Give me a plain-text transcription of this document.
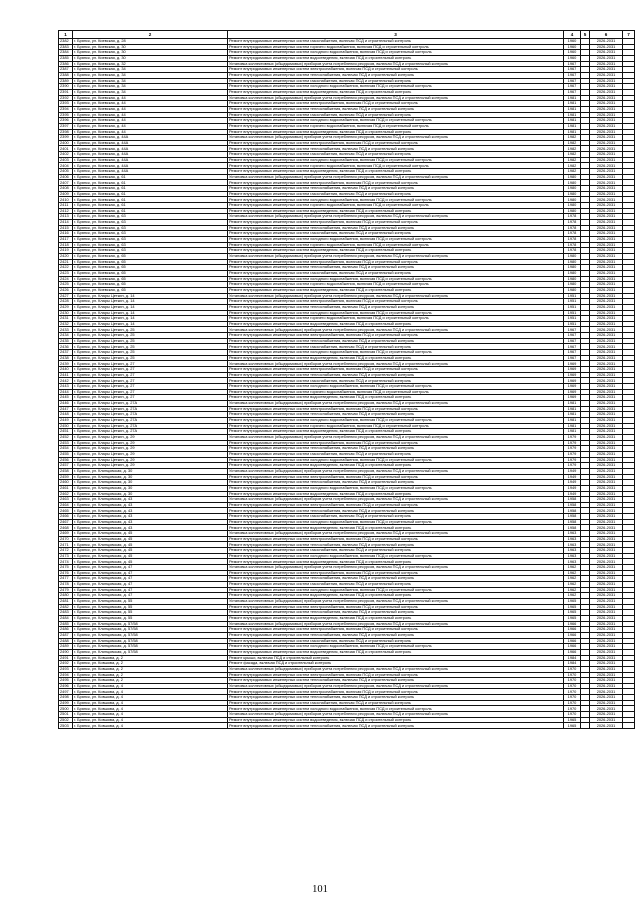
1	2	3	4	5	6	7
2382	г. Брянск, ул. Киевская, д. 28	Ремонт внутридомовых инженерных систем газоснабжения, включая ПСД и строительный контроль	1960		2026-2031	
2383	г. Брянск, ул. Киевская, д. 30	Ремонт внутридомовых инженерных систем горячего водоснабжения, включая ПСД и строительный контроль	1960		2026-2031	
2384	г. Брянск, ул. Киевская, д. 30	Ремонт внутридомовых инженерных систем холодного водоснабжения, включая ПСД и строительный контроль	1960		2026-2031	
2385	г. Брянск, ул. Киевская, д. 30	Ремонт внутридомовых инженерных систем водоотведения, включая ПСД и строительный контроль	1960		2026-2031	
2386	г. Брянск, ул. Киевская, д. 32	Установка коллективных (общедомовых) приборов учета потребления ресурсов, включая ПСД и строительный контроль	1967		2026-2031	
2387	г. Брянск, ул. Киевская, д. 34	Ремонт внутридомовых инженерных систем электроснабжения, включая ПСД и строительный контроль	1967		2026-2031	
2388	г. Брянск, ул. Киевская, д. 34	Ремонт внутридомовых инженерных систем теплоснабжения, включая ПСД и строительный контроль	1967		2026-2031	
2389	г. Брянск, ул. Киевская, д. 34	Ремонт внутридомовых инженерных систем газоснабжения, включая ПСД и строительный контроль	1967		2026-2031	
2390	г. Брянск, ул. Киевская, д. 34	Ремонт внутридомовых инженерных систем холодного водоснабжения, включая ПСД и строительный контроль	1967		2026-2031	
2391	г. Брянск, ул. Киевская, д. 34	Ремонт внутридомовых инженерных систем водоотведения, включая ПСД и строительный контроль	1967		2026-2031	
2392	г. Брянск, ул. Киевская, д. 44	Установка коллективных (общедомовых) приборов учета потребления ресурсов, включая ПСД и строительный контроль	1981		2026-2031	
2393	г. Брянск, ул. Киевская, д. 44	Ремонт внутридомовых инженерных систем электроснабжения, включая ПСД и строительный контроль	1981		2026-2031	
2394	г. Брянск, ул. Киевская, д. 44	Ремонт внутридомовых инженерных систем теплоснабжения, включая ПСД и строительный контроль	1981		2026-2031	
2395	г. Брянск, ул. Киевская, д. 44	Ремонт внутридомовых инженерных систем газоснабжения, включая ПСД и строительный контроль	1981		2026-2031	
2396	г. Брянск, ул. Киевская, д. 44	Ремонт внутридомовых инженерных систем холодного водоснабжения, включая ПСД и строительный контроль	1981		2026-2031	
2397	г. Брянск, ул. Киевская, д. 44	Ремонт внутридомовых инженерных систем горячего водоснабжения, включая ПСД и строительный контроль	1981		2026-2031	
2398	г. Брянск, ул. Киевская, д. 44	Ремонт внутридомовых инженерных систем водоотведения, включая ПСД и строительный контроль	1981		2026-2031	
2399	г. Брянск, ул. Киевская, д. 44А	Установка коллективных (общедомовых) приборов учета потребления ресурсов, включая ПСД и строительный контроль	1982		2026-2031	
2400	г. Брянск, ул. Киевская, д. 44А	Ремонт внутридомовых инженерных систем электроснабжения, включая ПСД и строительный контроль	1982		2026-2031	
2401	г. Брянск, ул. Киевская, д. 44А	Ремонт внутридомовых инженерных систем теплоснабжения, включая ПСД и строительный контроль	1982		2026-2031	
2402	г. Брянск, ул. Киевская, д. 44А	Ремонт внутридомовых инженерных систем газоснабжения, включая ПСД и строительный контроль	1982		2026-2031	
2403	г. Брянск, ул. Киевская, д. 44А	Ремонт внутридомовых инженерных систем холодного водоснабжения, включая ПСД и строительный контроль	1982		2026-2031	
2404	г. Брянск, ул. Киевская, д. 44А	Ремонт внутридомовых инженерных систем горячего водоснабжения, включая ПСД и строительный контроль	1982		2026-2031	
2405	г. Брянск, ул. Киевская, д. 44А	Ремонт внутридомовых инженерных систем водоотведения, включая ПСД и строительный контроль	1982		2026-2031	
2406	г. Брянск, ул. Киевская, д. 61	Установка коллективных (общедомовых) приборов учета потребления ресурсов, включая ПСД и строительный контроль	1980		2026-2031	
2407	г. Брянск, ул. Киевская, д. 61	Ремонт внутридомовых инженерных систем электроснабжения, включая ПСД и строительный контроль	1980		2026-2031	
2408	г. Брянск, ул. Киевская, д. 61	Ремонт внутридомовых инженерных систем теплоснабжения, включая ПСД и строительный контроль	1980		2026-2031	
2409	г. Брянск, ул. Киевская, д. 61	Ремонт внутридомовых инженерных систем газоснабжения, включая ПСД и строительный контроль	1980		2026-2031	
2410	г. Брянск, ул. Киевская, д. 61	Ремонт внутридомовых инженерных систем холодного водоснабжения, включая ПСД и строительный контроль	1980		2026-2031	
2411	г. Брянск, ул. Киевская, д. 61	Ремонт внутридомовых инженерных систем горячего водоснабжения, включая ПСД и строительный контроль	1980		2026-2031	
2412	г. Брянск, ул. Киевская, д. 61	Ремонт внутридомовых инженерных систем водоотведения, включая ПСД и строительный контроль	1980		2026-2031	
2413	г. Брянск, ул. Киевская, д. 63	Установка коллективных (общедомовых) приборов учета потребления ресурсов, включая ПСД и строительный контроль	1978		2026-2031	
2414	г. Брянск, ул. Киевская, д. 63	Ремонт внутридомовых инженерных систем электроснабжения, включая ПСД и строительный контроль	1978		2026-2031	
2415	г. Брянск, ул. Киевская, д. 63	Ремонт внутридомовых инженерных систем теплоснабжения, включая ПСД и строительный контроль	1978		2026-2031	
2416	г. Брянск, ул. Киевская, д. 63	Ремонт внутридомовых инженерных систем газоснабжения, включая ПСД и строительный контроль	1978		2026-2031	
2417	г. Брянск, ул. Киевская, д. 63	Ремонт внутридомовых инженерных систем холодного водоснабжения, включая ПСД и строительный контроль	1978		2026-2031	
2418	г. Брянск, ул. Киевская, д. 63	Ремонт внутридомовых инженерных систем горячего водоснабжения, включая ПСД и строительный контроль	1978		2026-2031	
2419	г. Брянск, ул. Киевская, д. 63	Ремонт внутридомовых инженерных систем водоотведения, включая ПСД и строительный контроль	1978		2026-2031	
2420	г. Брянск, ул. Киевская, д. 65	Установка коллективных (общедомовых) приборов учета потребления ресурсов, включая ПСД и строительный контроль	1980		2026-2031	
2421	г. Брянск, ул. Киевская, д. 65	Ремонт внутридомовых инженерных систем электроснабжения, включая ПСД и строительный контроль	1980		2026-2031	
2422	г. Брянск, ул. Киевская, д. 65	Ремонт внутридомовых инженерных систем теплоснабжения, включая ПСД и строительный контроль	1980		2026-2031	
2423	г. Брянск, ул. Киевская, д. 65	Ремонт внутридомовых инженерных систем газоснабжения, включая ПСД и строительный контроль	1980		2026-2031	
2424	г. Брянск, ул. Киевская, д. 65	Ремонт внутридомовых инженерных систем холодного водоснабжения, включая ПСД и строительный контроль	1980		2026-2031	
2425	г. Брянск, ул. Киевская, д. 65	Ремонт внутридомовых инженерных систем горячего водоснабжения, включая ПСД и строительный контроль	1980		2026-2031	
2426	г. Брянск, ул. Киевская, д. 65	Ремонт внутридомовых инженерных систем водоотведения, включая ПСД и строительный контроль	1980		2026-2031	
2427	г. Брянск, ул. Клары Цеткин, д. 14	Установка коллективных (общедомовых) приборов учета потребления ресурсов, включая ПСД и строительный контроль	1951		2026-2031	
2428	г. Брянск, ул. Клары Цеткин, д. 14	Ремонт внутридомовых инженерных систем электроснабжения, включая ПСД и строительный контроль	1951		2026-2031	
2429	г. Брянск, ул. Клары Цеткин, д. 14	Ремонт внутридомовых инженерных систем теплоснабжения, включая ПСД и строительный контроль	1951		2026-2031	
2430	г. Брянск, ул. Клары Цеткин, д. 14	Ремонт внутридомовых инженерных систем холодного водоснабжения, включая ПСД и строительный контроль	1951		2026-2031	
2431	г. Брянск, ул. Клары Цеткин, д. 14	Ремонт внутридомовых инженерных систем горячего водоснабжения, включая ПСД и строительный контроль	1951		2026-2031	
2432	г. Брянск, ул. Клары Цеткин, д. 14	Ремонт внутридомовых инженерных систем водоотведения, включая ПСД и строительный контроль	1951		2026-2031	
2433	г. Брянск, ул. Клары Цеткин, д. 25	Установка коллективных (общедомовых) приборов учета потребления ресурсов, включая ПСД и строительный контроль	1967		2026-2031	
2434	г. Брянск, ул. Клары Цеткин, д. 25	Ремонт внутридомовых инженерных систем электроснабжения, включая ПСД и строительный контроль	1967		2026-2031	
2435	г. Брянск, ул. Клары Цеткин, д. 25	Ремонт внутридомовых инженерных систем теплоснабжения, включая ПСД и строительный контроль	1967		2026-2031	
2436	г. Брянск, ул. Клары Цеткин, д. 25	Ремонт внутридомовых инженерных систем газоснабжения, включая ПСД и строительный контроль	1967		2026-2031	
2437	г. Брянск, ул. Клары Цеткин, д. 25	Ремонт внутридомовых инженерных систем холодного водоснабжения, включая ПСД и строительный контроль	1967		2026-2031	
2438	г. Брянск, ул. Клары Цеткин, д. 25	Ремонт внутридомовых инженерных систем водоотведения, включая ПСД и строительный контроль	1967		2026-2031	
2439	г. Брянск, ул. Клары Цеткин, д. 27	Установка коллективных (общедомовых) приборов учета потребления ресурсов, включая ПСД и строительный контроль	1969		2026-2031	
2440	г. Брянск, ул. Клары Цеткин, д. 27	Ремонт внутридомовых инженерных систем электроснабжения, включая ПСД и строительный контроль	1969		2026-2031	
2441	г. Брянск, ул. Клары Цеткин, д. 27	Ремонт внутридомовых инженерных систем теплоснабжения, включая ПСД и строительный контроль	1969		2026-2031	
2442	г. Брянск, ул. Клары Цеткин, д. 27	Ремонт внутридомовых инженерных систем газоснабжения, включая ПСД и строительный контроль	1969		2026-2031	
2443	г. Брянск, ул. Клары Цеткин, д. 27	Ремонт внутридомовых инженерных систем холодного водоснабжения, включая ПСД и строительный контроль	1969		2026-2031	
2444	г. Брянск, ул. Клары Цеткин, д. 27	Ремонт внутридомовых инженерных систем горячего водоснабжения, включая ПСД и строительный контроль	1969		2026-2031	
2445	г. Брянск, ул. Клары Цеткин, д. 27	Ремонт внутридомовых инженерных систем водоотведения, включая ПСД и строительный контроль	1969		2026-2031	
2446	г. Брянск, ул. Клары Цеткин, д. 27А	Установка коллективных (общедомовых) приборов учета потребления ресурсов, включая ПСД и строительный контроль	1981		2026-2031	
2447	г. Брянск, ул. Клары Цеткин, д. 27А	Ремонт внутридомовых инженерных систем электроснабжения, включая ПСД и строительный контроль	1981		2026-2031	
2448	г. Брянск, ул. Клары Цеткин, д. 27А	Ремонт внутридомовых инженерных систем теплоснабжения, включая ПСД и строительный контроль	1981		2026-2031	
2449	г. Брянск, ул. Клары Цеткин, д. 27А	Ремонт внутридомовых инженерных систем холодного водоснабжения, включая ПСД и строительный контроль	1981		2026-2031	
2450	г. Брянск, ул. Клары Цеткин, д. 27А	Ремонт внутридомовых инженерных систем горячего водоснабжения, включая ПСД и строительный контроль	1981		2026-2031	
2451	г. Брянск, ул. Клары Цеткин, д. 27А	Ремонт внутридомовых инженерных систем водоотведения, включая ПСД и строительный контроль	1981		2026-2031	
2452	г. Брянск, ул. Клары Цеткин, д. 29	Установка коллективных (общедомовых) приборов учета потребления ресурсов, включая ПСД и строительный контроль	1979		2026-2031	
2453	г. Брянск, ул. Клары Цеткин, д. 29	Ремонт внутридомовых инженерных систем электроснабжения, включая ПСД и строительный контроль	1979		2026-2031	
2454	г. Брянск, ул. Клары Цеткин, д. 29	Ремонт внутридомовых инженерных систем теплоснабжения, включая ПСД и строительный контроль	1979		2026-2031	
2455	г. Брянск, ул. Клары Цеткин, д. 29	Ремонт внутридомовых инженерных систем газоснабжения, включая ПСД и строительный контроль	1979		2026-2031	
2456	г. Брянск, ул. Клары Цеткин, д. 29	Ремонт внутридомовых инженерных систем холодного водоснабжения, включая ПСД и строительный контроль	1979		2026-2031	
2457	г. Брянск, ул. Клары Цеткин, д. 29	Ремонт внутридомовых инженерных систем водоотведения, включая ПСД и строительный контроль	1979		2026-2031	
2458	г. Брянск, ул. Клинцовская, д. 30	Установка коллективных (общедомовых) приборов учета потребления ресурсов, включая ПСД и строительный контроль	1949		2026-2031	
2459	г. Брянск, ул. Клинцовская, д. 30	Ремонт внутридомовых инженерных систем электроснабжения, включая ПСД и строительный контроль	1949		2026-2031	
2460	г. Брянск, ул. Клинцовская, д. 30	Ремонт внутридомовых инженерных систем теплоснабжения, включая ПСД и строительный контроль	1949		2026-2031	
2461	г. Брянск, ул. Клинцовская, д. 30	Ремонт внутридомовых инженерных систем холодного водоснабжения, включая ПСД и строительный контроль	1949		2026-2031	
2462	г. Брянск, ул. Клинцовская, д. 30	Ремонт внутридомовых инженерных систем водоотведения, включая ПСД и строительный контроль	1949		2026-2031	
2463	г. Брянск, ул. Клинцовская, д. 43	Установка коллективных (общедомовых) приборов учета потребления ресурсов, включая ПСД и строительный контроль	1958		2026-2031	
2464	г. Брянск, ул. Клинцовская, д. 43	Ремонт внутридомовых инженерных систем электроснабжения, включая ПСД и строительный контроль	1958		2026-2031	
2465	г. Брянск, ул. Клинцовская, д. 43	Ремонт внутридомовых инженерных систем теплоснабжения, включая ПСД и строительный контроль	1958		2026-2031	
2466	г. Брянск, ул. Клинцовская, д. 43	Ремонт внутридомовых инженерных систем газоснабжения, включая ПСД и строительный контроль	1958		2026-2031	
2467	г. Брянск, ул. Клинцовская, д. 43	Ремонт внутридомовых инженерных систем холодного водоснабжения, включая ПСД и строительный контроль	1958		2026-2031	
2468	г. Брянск, ул. Клинцовская, д. 43	Ремонт внутридомовых инженерных систем водоотведения, включая ПСД и строительный контроль	1958		2026-2031	
2469	г. Брянск, ул. Клинцовская, д. 45	Установка коллективных (общедомовых) приборов учета потребления ресурсов, включая ПСД и строительный контроль	1963		2026-2031	
2470	г. Брянск, ул. Клинцовская, д. 45	Ремонт внутридомовых инженерных систем электроснабжения, включая ПСД и строительный контроль	1963		2026-2031	
2471	г. Брянск, ул. Клинцовская, д. 45	Ремонт внутридомовых инженерных систем теплоснабжения, включая ПСД и строительный контроль	1963		2026-2031	
2472	г. Брянск, ул. Клинцовская, д. 45	Ремонт внутридомовых инженерных систем газоснабжения, включая ПСД и строительный контроль	1963		2026-2031	
2473	г. Брянск, ул. Клинцовская, д. 45	Ремонт внутридомовых инженерных систем холодного водоснабжения, включая ПСД и строительный контроль	1963		2026-2031	
2474	г. Брянск, ул. Клинцовская, д. 45	Ремонт внутридомовых инженерных систем водоотведения, включая ПСД и строительный контроль	1963		2026-2031	
2475	г. Брянск, ул. Клинцовская, д. 47	Установка коллективных (общедомовых) приборов учета потребления ресурсов, включая ПСД и строительный контроль	1962		2026-2031	
2476	г. Брянск, ул. Клинцовская, д. 47	Ремонт внутридомовых инженерных систем электроснабжения, включая ПСД и строительный контроль	1962		2026-2031	
2477	г. Брянск, ул. Клинцовская, д. 47	Ремонт внутридомовых инженерных систем теплоснабжения, включая ПСД и строительный контроль	1962		2026-2031	
2478	г. Брянск, ул. Клинцовская, д. 47	Ремонт внутридомовых инженерных систем газоснабжения, включая ПСД и строительный контроль	1962		2026-2031	
2479	г. Брянск, ул. Клинцовская, д. 47	Ремонт внутридомовых инженерных систем холодного водоснабжения, включая ПСД и строительный контроль	1962		2026-2031	
2480	г. Брянск, ул. Клинцовская, д. 47	Ремонт внутридомовых инженерных систем водоотведения, включая ПСД и строительный контроль	1962		2026-2031	
2481	г. Брянск, ул. Клинцовская, д. 55	Установка коллективных (общедомовых) приборов учета потребления ресурсов, включая ПСД и строительный контроль	1965		2026-2031	
2482	г. Брянск, ул. Клинцовская, д. 55	Ремонт внутридомовых инженерных систем электроснабжения, включая ПСД и строительный контроль	1965		2026-2031	
2483	г. Брянск, ул. Клинцовская, д. 55	Ремонт внутридомовых инженерных систем теплоснабжения, включая ПСД и строительный контроль	1965		2026-2031	
2484	г. Брянск, ул. Клинцовская, д. 55	Ремонт внутридомовых инженерных систем водоотведения, включая ПСД и строительный контроль	1965		2026-2031	
2485	г. Брянск, ул. Клинцовская, д. 57/58	Установка коллективных (общедомовых) приборов учета потребления ресурсов, включая ПСД и строительный контроль	1966		2026-2031	
2486	г. Брянск, ул. Клинцовская, д. 57/58	Ремонт внутридомовых инженерных систем электроснабжения, включая ПСД и строительный контроль	1966		2026-2031	
2487	г. Брянск, ул. Клинцовская, д. 57/58	Ремонт внутридомовых инженерных систем теплоснабжения, включая ПСД и строительный контроль	1966		2026-2031	
2488	г. Брянск, ул. Клинцовская, д. 57/58	Ремонт внутридомовых инженерных систем газоснабжения, включая ПСД и строительный контроль	1966		2026-2031	
2489	г. Брянск, ул. Клинцовская, д. 57/58	Ремонт внутридомовых инженерных систем холодного водоснабжения, включая ПСД и строительный контроль	1966		2026-2031	
2490	г. Брянск, ул. Клинцовская, д. 57/58	Ремонт внутридомовых инженерных систем водоотведения, включая ПСД и строительный контроль	1966		2026-2031	
2491	г. Брянск, ул. Ковшова, д. 2	Ремонт крыши, включая ПСД и строительный контроль	1984		2026-2031	
2492	г. Брянск, ул. Ковшова, д. 2	Ремонт фасада, включая ПСД и строительный контроль	1984		2026-2031	
2493	г. Брянск, ул. Ковшова, д. 2	Установка коллективных (общедомовых) приборов учета потребления ресурсов, включая ПСД и строительный контроль	1970		2026-2031	
2494	г. Брянск, ул. Ковшова, д. 2	Ремонт внутридомовых инженерных систем электроснабжения, включая ПСД и строительный контроль	1970		2026-2031	
2495	г. Брянск, ул. Ковшова, д. 2	Ремонт внутридомовых инженерных систем теплоснабжения, включая ПСД и строительный контроль	1970		2026-2031	
2496	г. Брянск, ул. Ковшова, д. 4	Установка коллективных (общедомовых) приборов учета потребления ресурсов, включая ПСД и строительный контроль	1970		2026-2031	
2497	г. Брянск, ул. Ковшова, д. 4	Ремонт внутридомовых инженерных систем электроснабжения, включая ПСД и строительный контроль	1970		2026-2031	
2498	г. Брянск, ул. Ковшова, д. 4	Ремонт внутридомовых инженерных систем теплоснабжения, включая ПСД и строительный контроль	1970		2026-2031	
2499	г. Брянск, ул. Ковшова, д. 4	Ремонт внутридомовых инженерных систем газоснабжения, включая ПСД и строительный контроль	1970		2026-2031	
2500	г. Брянск, ул. Ковшова, д. 4	Ремонт внутридомовых инженерных систем холодного водоснабжения, включая ПСД и строительный контроль	1970		2026-2031	
2501	г. Брянск, ул. Ковшова, д. 4	Установка коллективных (общедомовых) приборов учета потребления ресурсов, включая ПСД и строительный контроль	1970		2026-2031	
2502	г. Брянск, ул. Ковшова, д. 4	Ремонт внутридомовых инженерных систем водоотведения, включая ПСД и строительный контроль	1965		2026-2031	
2503	г. Брянск, ул. Ковшова, д. 4	Ремонт внутридомовых инженерных систем теплоснабжения, включая ПСД и строительный контроль	1965		2026-2031	
101
